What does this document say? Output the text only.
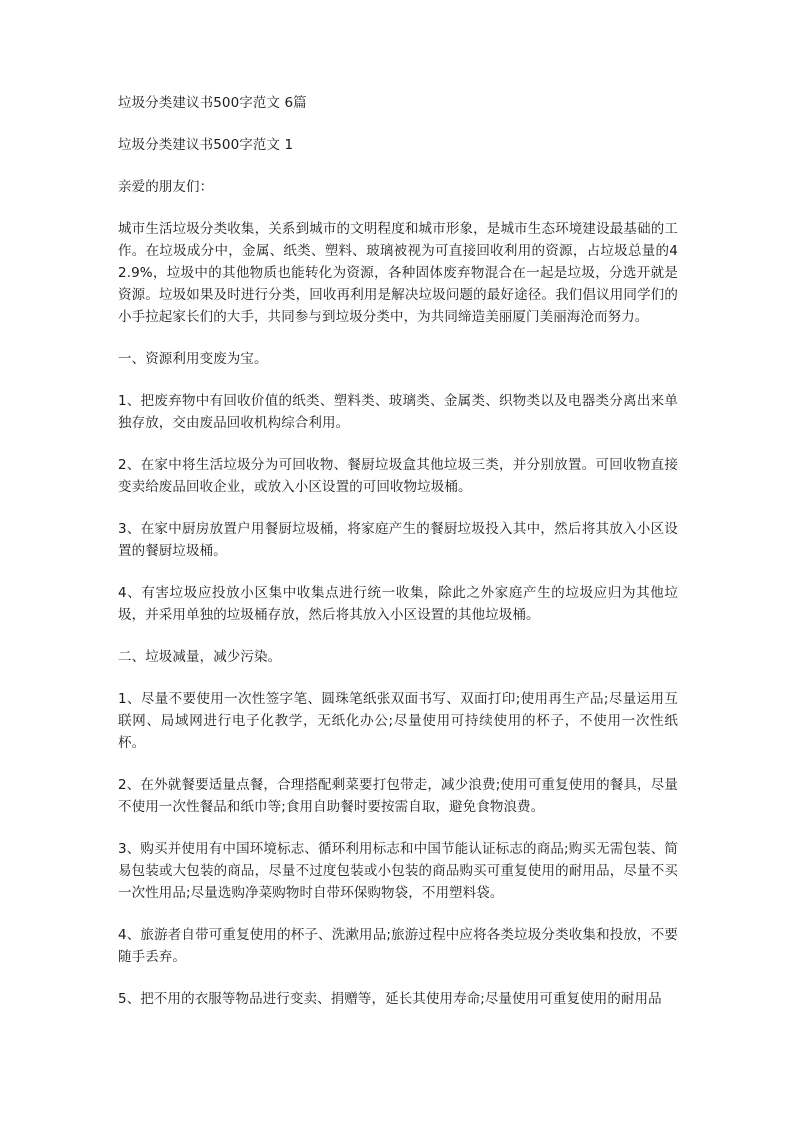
垃圾分类建议书500字范文 6篇

垃圾分类建议书500字范文 1

亲爱的朋友们：

城市生活垃圾分类收集，关系到城市的文明程度和城市形象，是城市生态环境建设最基础的工作。在垃圾成分中，金属、纸类、塑料、玻璃被视为可直接回收利用的资源，占垃圾总量的42.9%，垃圾中的其他物质也能转化为资源，各种固体废弃物混合在一起是垃圾，分选开就是资源。垃圾如果及时进行分类，回收再利用是解决垃圾问题的最好途径。我们倡议用同学们的小手拉起家长们的大手，共同参与到垃圾分类中，为共同缔造美丽厦门美丽海沧而努力。

一、资源利用变废为宝。

1、把废弃物中有回收价值的纸类、塑料类、玻璃类、金属类、织物类以及电器类分离出来单独存放，交由废品回收机构综合利用。

2、在家中将生活垃圾分为可回收物、餐厨垃圾盒其他垃圾三类，并分别放置。可回收物直接变卖给废品回收企业，或放入小区设置的可回收物垃圾桶。

3、在家中厨房放置户用餐厨垃圾桶，将家庭产生的餐厨垃圾投入其中，然后将其放入小区设置的餐厨垃圾桶。

4、有害垃圾应投放小区集中收集点进行统一收集，除此之外家庭产生的垃圾应归为其他垃圾，并采用单独的垃圾桶存放，然后将其放入小区设置的其他垃圾桶。

二、垃圾减量，减少污染。

1、尽量不要使用一次性签字笔、圆珠笔纸张双面书写、双面打印;使用再生产品;尽量运用互联网、局域网进行电子化教学，无纸化办公;尽量使用可持续使用的杯子，不使用一次性纸杯。

2、在外就餐要适量点餐，合理搭配剩菜要打包带走，减少浪费;使用可重复使用的餐具，尽量不使用一次性餐品和纸巾等;食用自助餐时要按需自取，避免食物浪费。

3、购买并使用有中国环境标志、循环利用标志和中国节能认证标志的商品;购买无需包装、简易包装或大包装的商品，尽量不过度包装或小包装的商品购买可重复使用的耐用品，尽量不买一次性用品;尽量选购净菜购物时自带环保购物袋，不用塑料袋。

4、旅游者自带可重复使用的杯子、洗漱用品;旅游过程中应将各类垃圾分类收集和投放，不要随手丢弃。

5、把不用的衣服等物品进行变卖、捐赠等，延长其使用寿命;尽量使用可重复使用的耐用品
